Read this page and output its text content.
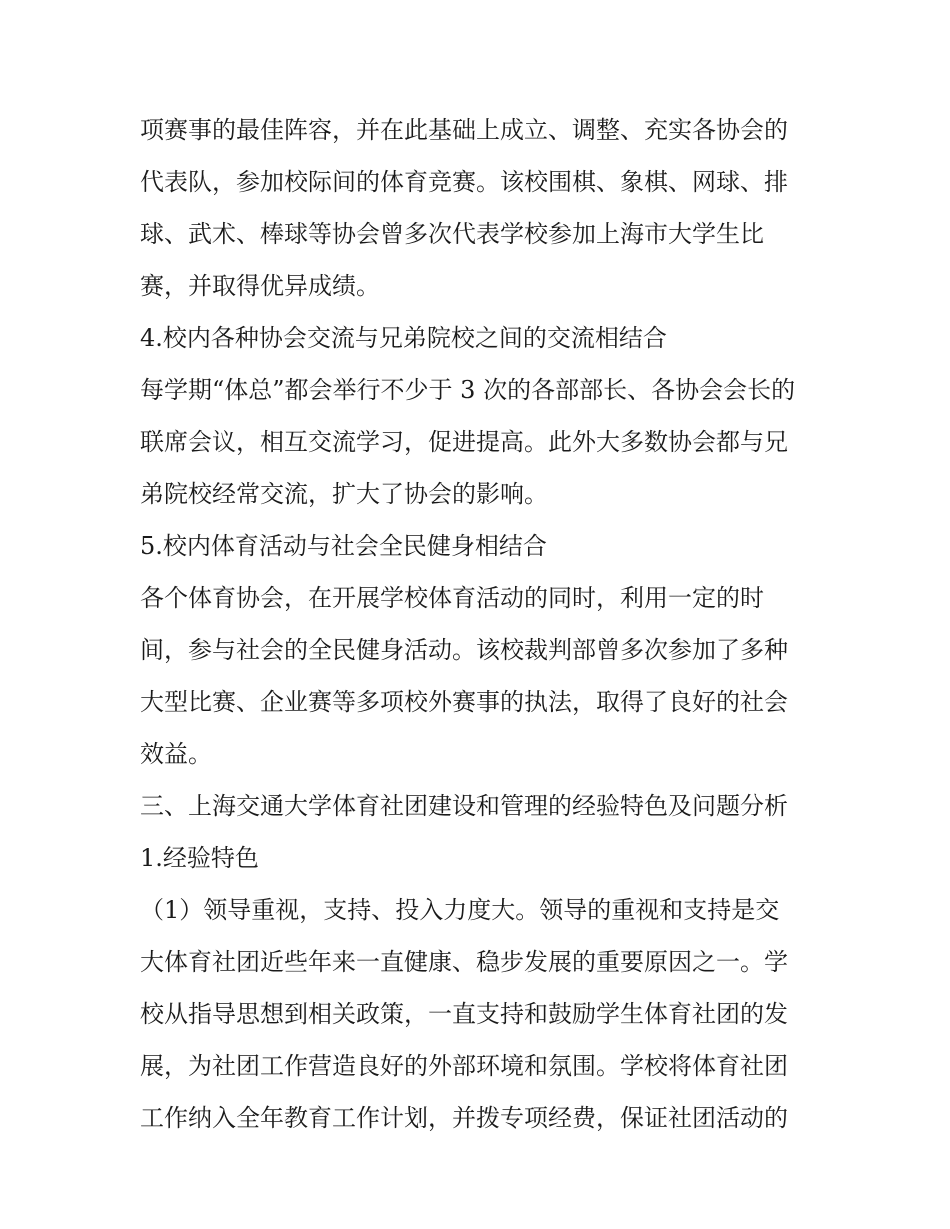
项赛事的最佳阵容，并在此基础上成立、调整、充实各协会的
代表队，参加校际间的体育竞赛。该校围棋、象棋、网球、排
球、武术、棒球等协会曾多次代表学校参加上海市大学生比
赛，并取得优异成绩。
4.校内各种协会交流与兄弟院校之间的交流相结合
每学期“体总”都会举行不少于 3 次的各部部长、各协会会长的
联席会议，相互交流学习，促进提高。此外大多数协会都与兄
弟院校经常交流，扩大了协会的影响。
5.校内体育活动与社会全民健身相结合
各个体育协会，在开展学校体育活动的同时，利用一定的时
间，参与社会的全民健身活动。该校裁判部曾多次参加了多种
大型比赛、企业赛等多项校外赛事的执法，取得了良好的社会
效益。
三、上海交通大学体育社团建设和管理的经验特色及问题分析
1.经验特色
（1）领导重视，支持、投入力度大。领导的重视和支持是交
大体育社团近些年来一直健康、稳步发展的重要原因之一。学
校从指导思想到相关政策，一直支持和鼓励学生体育社团的发
展，为社团工作营造良好的外部环境和氛围。学校将体育社团
工作纳入全年教育工作计划，并拨专项经费，保证社团活动的
